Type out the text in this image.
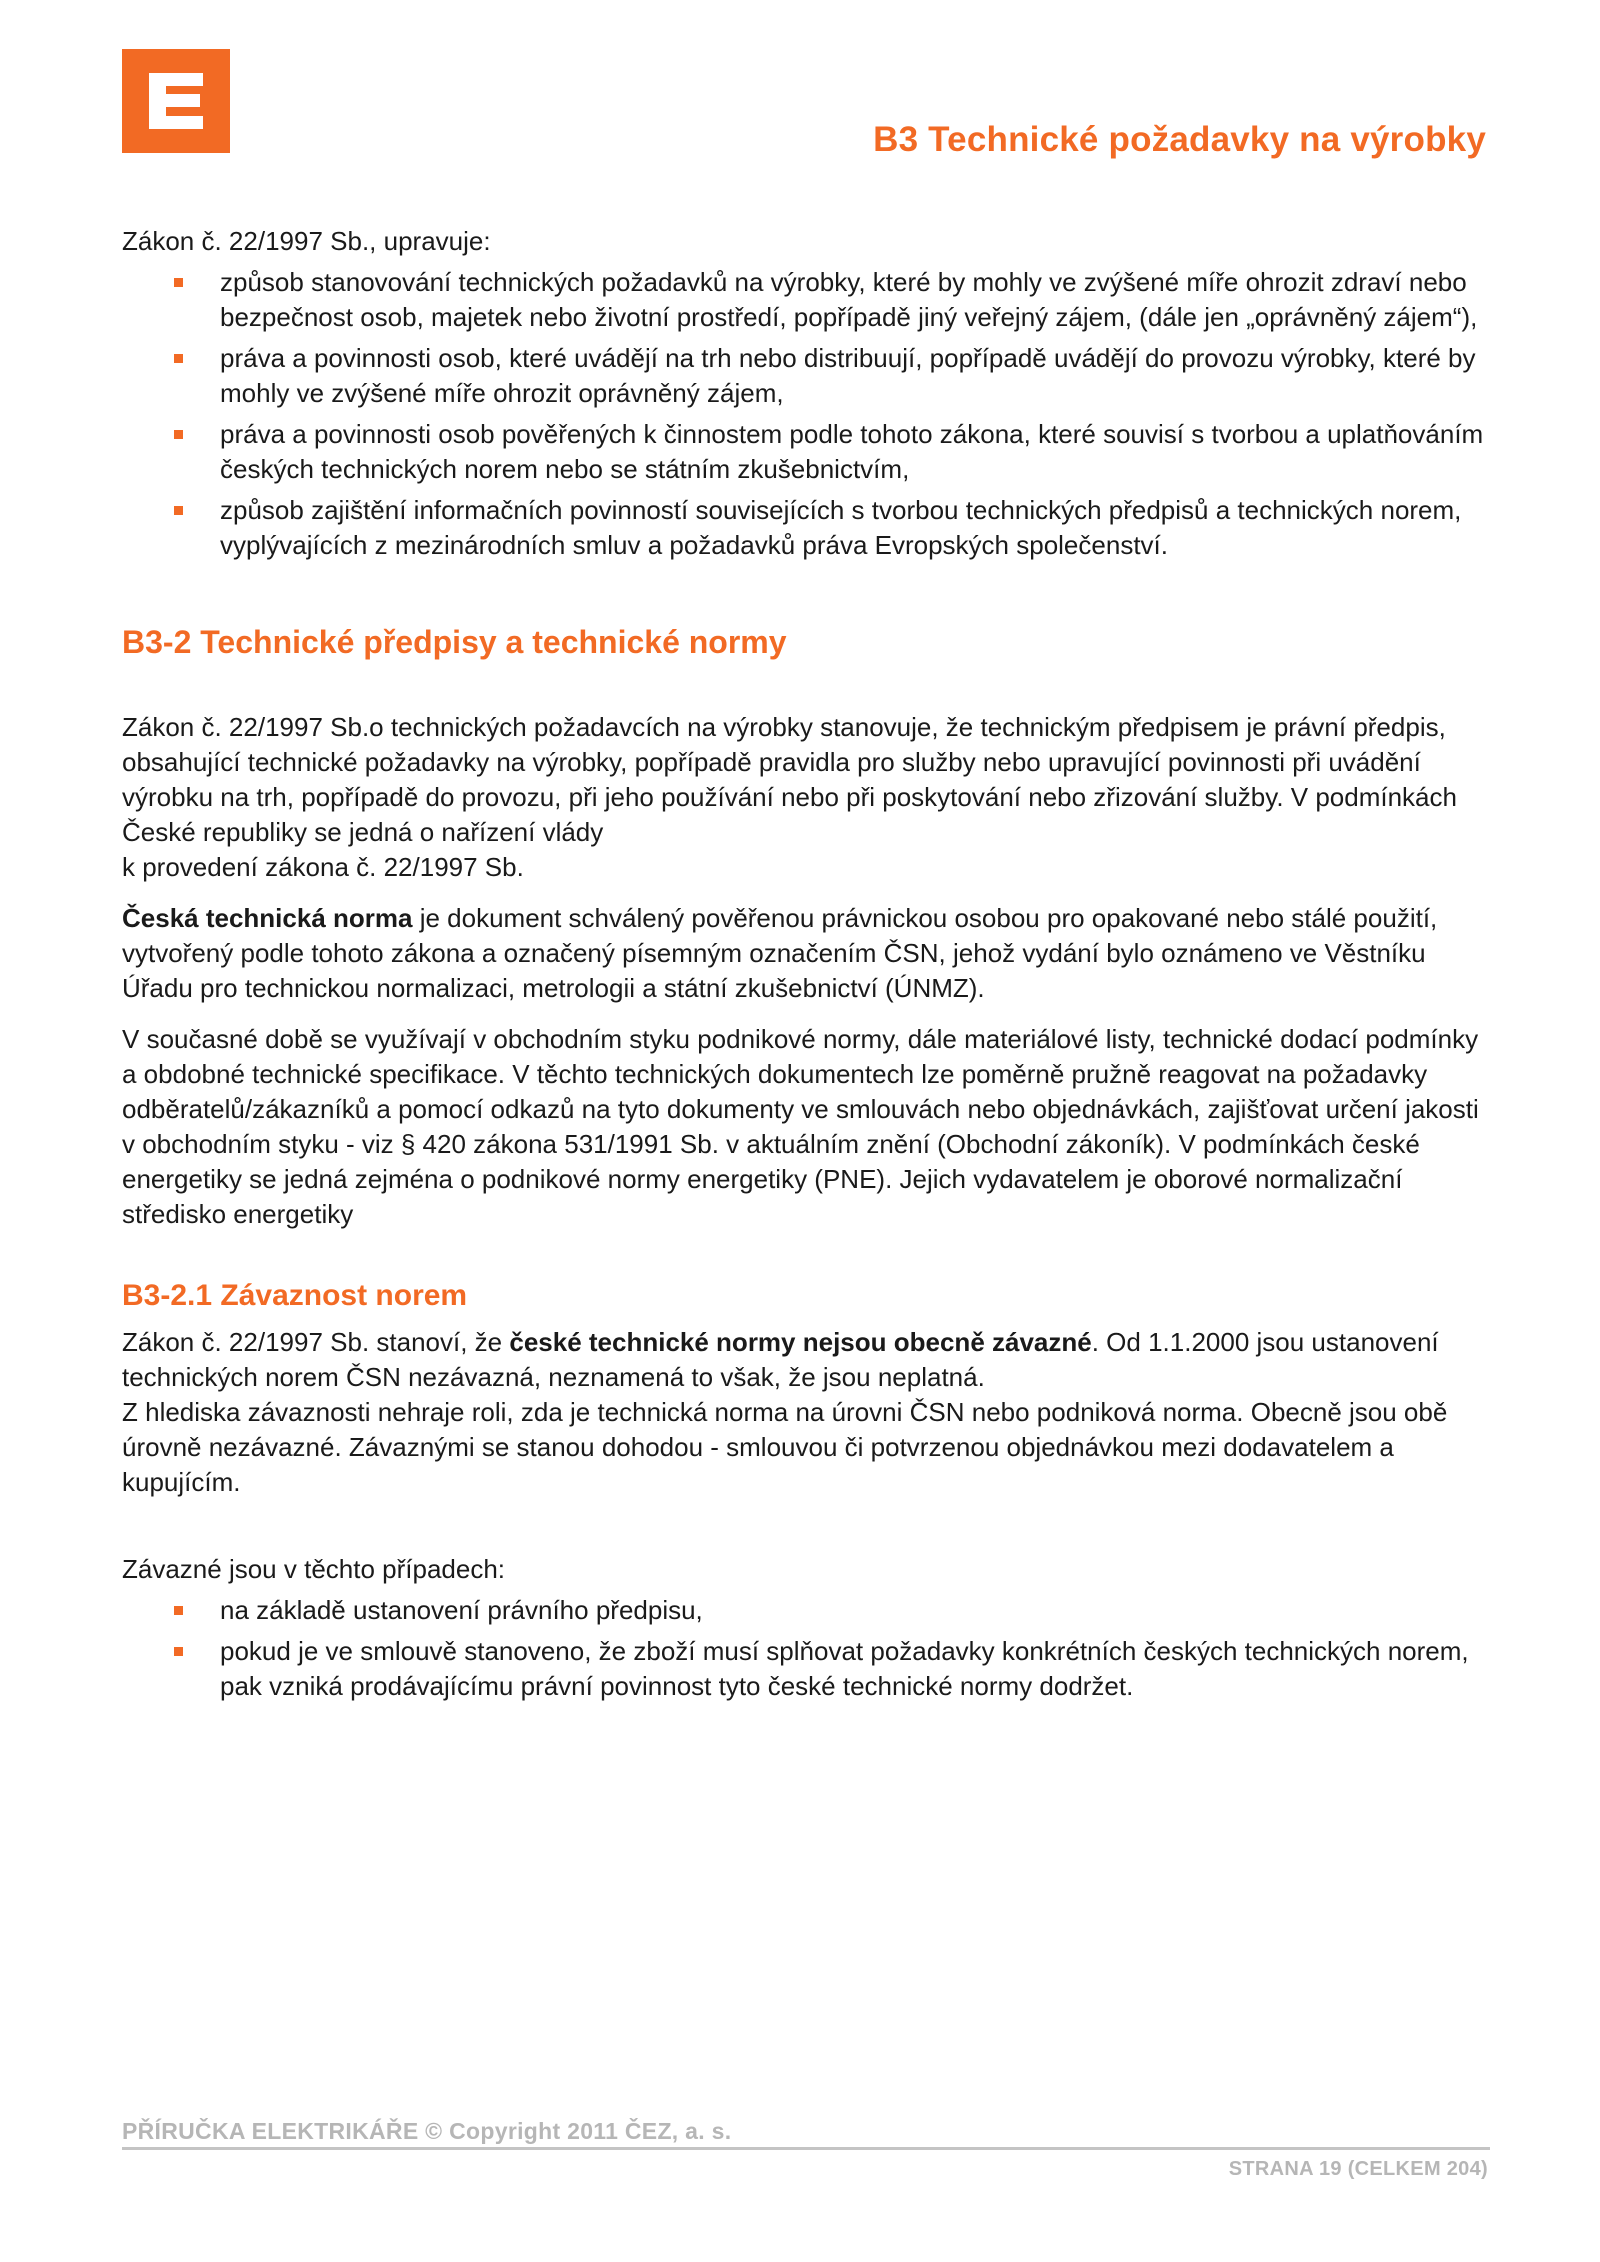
B3 Technické požadavky na výrobky

Zákon č. 22/1997 Sb., upravuje:

způsob stanovování technických požadavků na výrobky, které by mohly ve zvýšené míře ohrozit zdraví nebo bezpečnost osob, majetek nebo životní prostředí, popřípadě jiný veřejný zájem, (dále jen „oprávněný zájem“),
práva a povinnosti osob, které uvádějí na trh nebo distribuují, popřípadě uvádějí do provozu výrobky, které by mohly ve zvýšené míře ohrozit oprávněný zájem,
práva a povinnosti osob pověřených k činnostem podle tohoto zákona, které souvisí s tvorbou a uplatňováním českých technických norem nebo se státním zkušebnictvím,
způsob zajištění informačních povinností souvisejících s tvorbou technických předpisů a technických norem, vyplývajících z mezinárodních smluv a požadavků práva Evropských společenství.
B3-2 Technické předpisy a technické normy

Zákon č. 22/1997 Sb.o technických požadavcích na výrobky stanovuje, že technickým předpisem je právní předpis, obsahující technické požadavky na výrobky, popřípadě pravidla pro služby nebo upravující povinnosti při uvádění výrobku na trh, popřípadě do provozu, při jeho používání nebo při poskytování nebo zřizování služby. V podmínkách České republiky se jedná o nařízení vlády
k provedení zákona č. 22/1997 Sb.

Česká technická norma je dokument schválený pověřenou právnickou osobou pro opakované nebo stálé použití, vytvořený podle tohoto zákona a označený písemným označením ČSN, jehož vydání bylo oznámeno ve Věstníku Úřadu pro technickou normalizaci, metrologii a státní zkušebnictví (ÚNMZ).

V současné době se využívají v obchodním styku podnikové normy, dále materiálové listy, technické dodací podmínky a obdobné technické specifikace. V těchto technických dokumentech lze poměrně pružně reagovat na požadavky odběratelů/zákazníků a pomocí odkazů na tyto dokumenty ve smlouvách nebo objednávkách, zajišťovat určení jakosti v obchodním styku - viz § 420 zákona 531/1991 Sb. v aktuálním znění (Obchodní zákoník). V podmínkách české energetiky se jedná zejména o podnikové normy energetiky (PNE). Jejich vydavatelem je oborové normalizační středisko energetiky

B3-2.1 Závaznost norem

Zákon č. 22/1997 Sb. stanoví, že české technické normy nejsou obecně závazné. Od 1.1.2000 jsou ustanovení technických norem ČSN nezávazná, neznamená to však, že jsou neplatná.

Z hlediska závaznosti nehraje roli, zda je technická norma na úrovni ČSN nebo podniková norma. Obecně jsou obě úrovně nezávazné. Závaznými se stanou dohodou - smlouvou či potvrzenou objednávkou mezi dodavatelem a kupujícím.

Závazné jsou v těchto případech:

na základě ustanovení právního předpisu,
pokud je ve smlouvě stanoveno, že zboží musí splňovat požadavky konkrétních českých technických norem, pak vzniká prodávajícímu právní povinnost tyto české technické normy dodržet.
PŘÍRUČKA ELEKTRIKÁŘE © Copyright 2011 ČEZ, a. s.
STRANA 19 (CELKEM 204)
